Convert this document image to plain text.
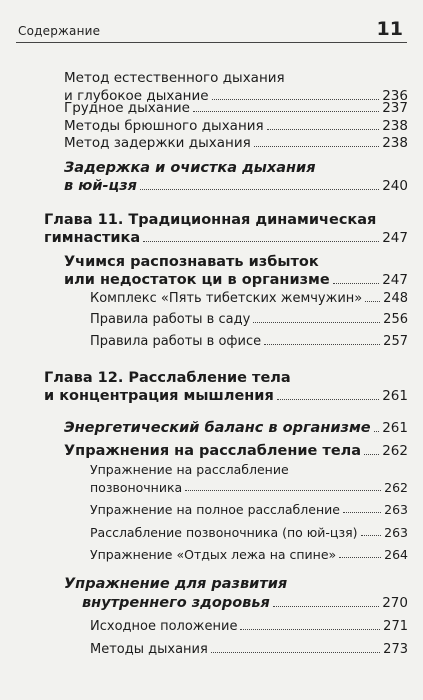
Содержание	11
Метод естественного дыхания
и глубокое дыхание	236
Грудное дыхание	237
Методы брюшного дыхания	238
Метод задержки дыхания	238
Задержка и очистка дыхания
в юй-цзя	240
Глава 11. Традиционная динамическая
гимнастика	247
Учимся распознавать избыток
или недостаток ци в организме	247
Комплекс «Пять тибетских жемчужин» 248
Правила работы в саду	256
Правила работы в офисе	257
Глава 12. Расслабление тела
и концентрация мышления	261
Энергетический баланс в организме 261
Упражнения на расслабление тела 262
Упражнение на расслабление
позвоночника	262
Упражнение на полное расслабление	263
Расслабление позвоночника (по юй-цзя) 263
Упражнение «Отдых лежа на спине»	264
Упражнение для развития
внутреннего здоровья	270
Исходное положение	271
Методы дыхания	273
